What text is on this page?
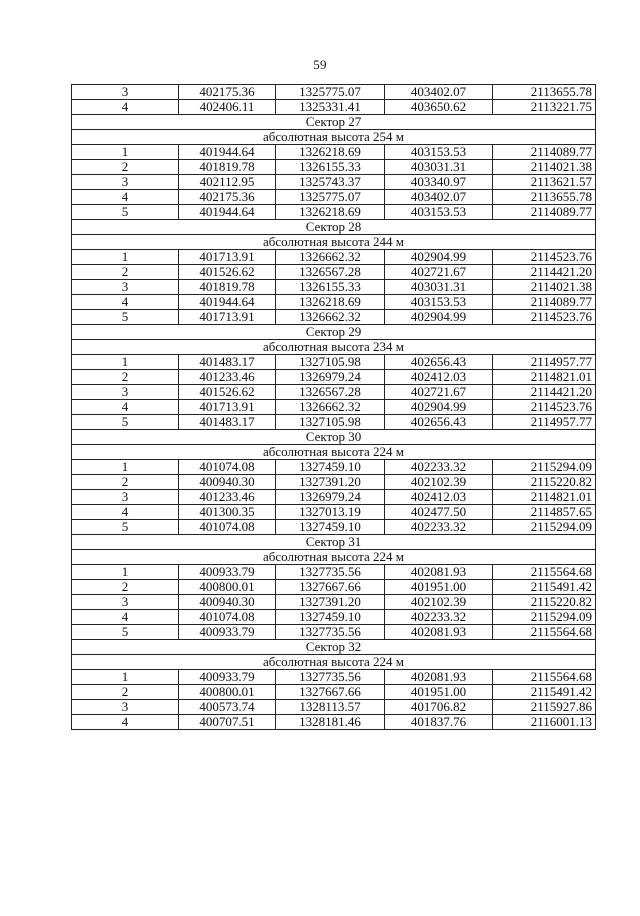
59
3	402175.36	1325775.07	403402.07	2113655.78
4	402406.11	1325331.41	403650.62	2113221.75
Сектор 27				
абсолютная высота 254 м				
1	401944.64	1326218.69	403153.53	2114089.77
2	401819.78	1326155.33	403031.31	2114021.38
3	402112.95	1325743.37	403340.97	2113621.57
4	402175.36	1325775.07	403402.07	2113655.78
5	401944.64	1326218.69	403153.53	2114089.77
Сектор 28				
абсолютная высота 244 м				
1	401713.91	1326662.32	402904.99	2114523.76
2	401526.62	1326567.28	402721.67	2114421.20
3	401819.78	1326155.33	403031.31	2114021.38
4	401944.64	1326218.69	403153.53	2114089.77
5	401713.91	1326662.32	402904.99	2114523.76
Сектор 29				
абсолютная высота 234 м				
1	401483.17	1327105.98	402656.43	2114957.77
2	401233.46	1326979.24	402412.03	2114821.01
3	401526.62	1326567.28	402721.67	2114421.20
4	401713.91	1326662.32	402904.99	2114523.76
5	401483.17	1327105.98	402656.43	2114957.77
Сектор 30				
абсолютная высота 224 м				
1	401074.08	1327459.10	402233.32	2115294.09
2	400940.30	1327391.20	402102.39	2115220.82
3	401233.46	1326979.24	402412.03	2114821.01
4	401300.35	1327013.19	402477.50	2114857.65
5	401074.08	1327459.10	402233.32	2115294.09
Сектор 31				
абсолютная высота 224 м				
1	400933.79	1327735.56	402081.93	2115564.68
2	400800.01	1327667.66	401951.00	2115491.42
3	400940.30	1327391.20	402102.39	2115220.82
4	401074.08	1327459.10	402233.32	2115294.09
5	400933.79	1327735.56	402081.93	2115564.68
Сектор 32				
абсолютная высота 224 м				
1	400933.79	1327735.56	402081.93	2115564.68
2	400800.01	1327667.66	401951.00	2115491.42
3	400573.74	1328113.57	401706.82	2115927.86
4	400707.51	1328181.46	401837.76	2116001.13
